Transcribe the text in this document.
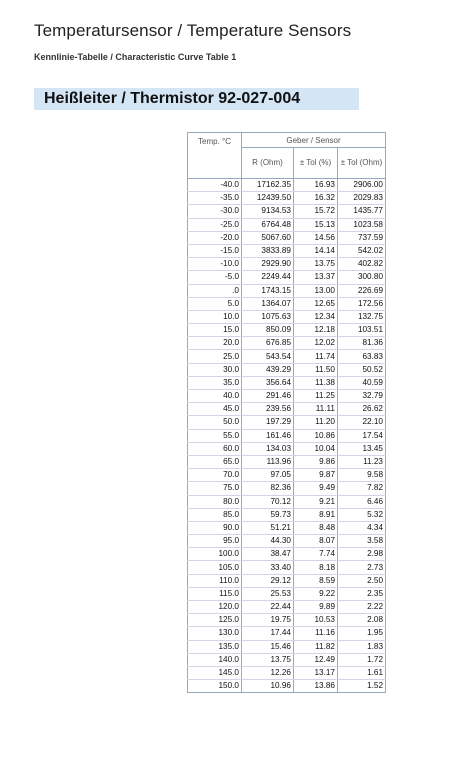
Temperatursensor / Temperature Sensors
Kennlinie-Tabelle / Characteristic Curve Table 1
Heißleiter / Thermistor 92-027-004
Temp. °C	Geber / Sensor		
	R (Ohm)	± Tol (%)	± Tol (Ohm)
-40.0	17162.35	16.93	2906.00
-35.0	12439.50	16.32	2029.83
-30.0	9134.53	15.72	1435.77
-25.0	6764.48	15.13	1023.58
-20.0	5067.60	14.56	737.59
-15.0	3833.89	14.14	542.02
-10.0	2929.90	13.75	402.82
-5.0	2249.44	13.37	300.80
.0	1743.15	13.00	226.69
5.0	1364.07	12.65	172.56
10.0	1075.63	12.34	132.75
15.0	850.09	12.18	103.51
20.0	676.85	12.02	81.36
25.0	543.54	11.74	63.83
30.0	439.29	11.50	50.52
35.0	356.64	11.38	40.59
40.0	291.46	11.25	32.79
45.0	239.56	11.11	26.62
50.0	197.29	11.20	22.10
55.0	161.46	10.86	17.54
60.0	134.03	10.04	13.45
65.0	113.96	9.86	11.23
70.0	97.05	9.87	9.58
75.0	82.36	9.49	7.82
80.0	70.12	9.21	6.46
85.0	59.73	8.91	5.32
90.0	51.21	8.48	4.34
95.0	44.30	8.07	3.58
100.0	38.47	7.74	2.98
105.0	33.40	8.18	2.73
110.0	29.12	8.59	2.50
115.0	25.53	9.22	2.35
120.0	22.44	9.89	2.22
125.0	19.75	10.53	2.08
130.0	17.44	11.16	1.95
135.0	15.46	11.82	1.83
140.0	13.75	12.49	1.72
145.0	12.26	13.17	1.61
150.0	10.96	13.86	1.52
